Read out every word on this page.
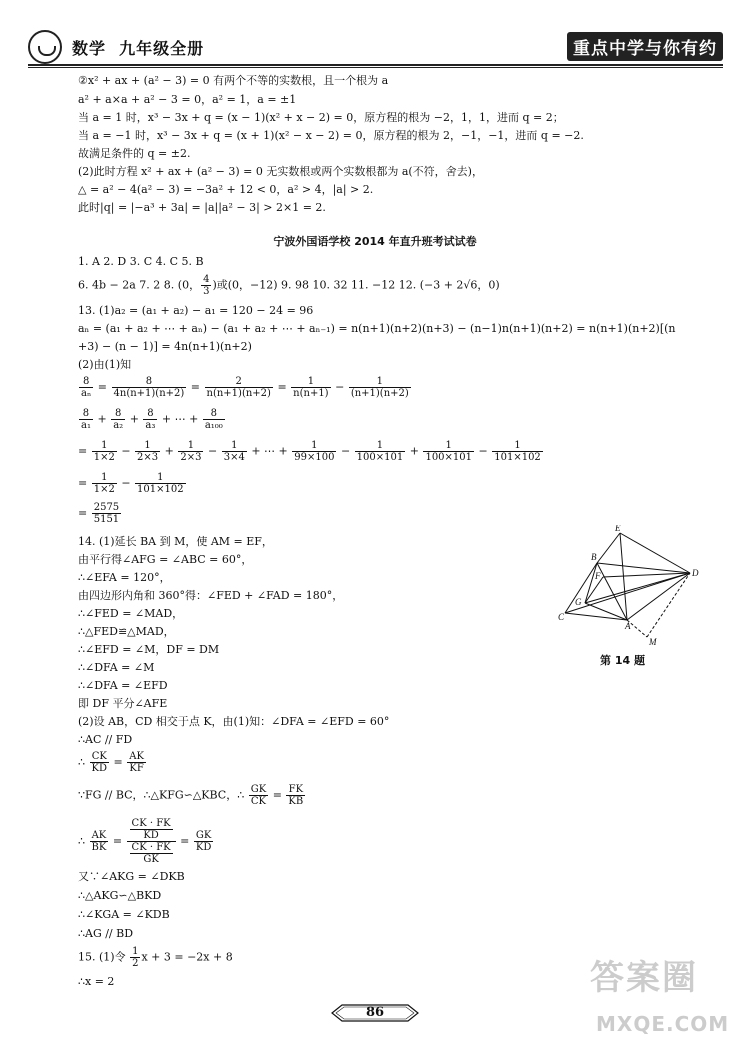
数学 九年级全册	重点中学与你有约
②x² + ax + (a² − 3) = 0 有两个不等的实数根，且一个根为 a
a² + a×a + a² − 3 = 0，a² = 1，a = ±1
当 a = 1 时，x³ − 3x + q = (x − 1)(x² + x − 2) = 0，原方程的根为 −2，1，1，进而 q = 2；
当 a = −1 时，x³ − 3x + q = (x + 1)(x² − x − 2) = 0，原方程的根为 2，−1，−1，进而 q = −2.
故满足条件的 q = ±2.
(2)此时方程 x² + ax + (a² − 3) = 0 无实数根或两个实数根都为 a(不符，舍去)，
△ = a² − 4(a² − 3) = −3a² + 12 < 0，a² > 4，|a| > 2.
此时|q| = |−a³ + 3a| = |a||a² − 3| > 2×1 = 2.
宁波外国语学校 2014 年直升班考试试卷
1. A 2. D 3. C 4. C 5. B
6. 4b − 2a 7. 2 8. (0， $\frac{4}{3}$ )或(0，−12) 9. 98 10. 32 11. −12 12. (−3 + 2√6，0)
13. (1)a₂ = (a₁ + a₂) − a₁ = 120 − 24 = 96
aₙ = (a₁ + a₂ + ⋯ + aₙ) − (a₁ + a₂ + ⋯ + aₙ₋₁) = n(n+1)(n+2)(n+3) − (n−1)n(n+1)(n+2) = n(n+1)(n+2)[(n
+3) − (n − 1)] = 4n(n+1)(n+2)
(2)由(1)知
$\frac{8}{\text{aₙ}} = \frac{8}{4n(n+1)(n+2)} = \frac{2}{n(n+1)(n+2)} = \frac{1}{n(n+1)} - \frac{1}{(n+1)(n+2)}$
$\frac{8}{\text{a₁}} + \frac{8}{\text{a₂}} + \frac{8}{\text{a₃}}$ + ⋯ + $\frac{8}{\text{a₁₀₀}}$
= $\frac{1}{1\times 2} - \frac{1}{2\times 3} + \frac{1}{2\times 3} - \frac{1}{3\times 4}$ + ⋯ + $\frac{1}{99\times 100} - \frac{1}{100\times 101} + \frac{1}{100\times 101} - \frac{1}{101\times 102}$
= $\frac{1}{1\times 2} - \frac{1}{101\times 102}$
= $\frac{2575}{5151}$
14. (1)延长 BA 到 M，使 AM = EF，
由平行得∠AFG = ∠ABC = 60°，
∴∠EFA = 120°，
由四边形内角和 360°得：∠FED + ∠FAD = 180°，
∴∠FED = ∠MAD，
∴△FED≌△MAD，
∴∠EFD = ∠M，DF = DM
∴∠DFA = ∠M
∴∠DFA = ∠EFD
即 DF 平分∠AFE
(2)设 AB，CD 相交于点 K，由(1)知：∠DFA = ∠EFD = 60°
∴AC // FD
∴ $\frac{CK}{KD} = \frac{AK}{KF}$
∵FG // BC，∴△KFG∽△KBC，∴ $\frac{GK}{CK} = \frac{FK}{KB}$
∴ $\frac{AK}{BK} = \frac{\frac{CK \cdot FK}{KD}}{\frac{CK \cdot FK}{GK}} = \frac{GK}{KD}$
又∵∠AKG = ∠DKB
∴△AKG∽△BKD
∴∠KGA = ∠KDB
∴AG // BD
15. (1)令 $\frac{1}{2}$ x + 3 = −2x + 8
∴x = 2
E
B
F	D
G
C
A
M
第 14 题
86
答案圈
MXQE.COM
